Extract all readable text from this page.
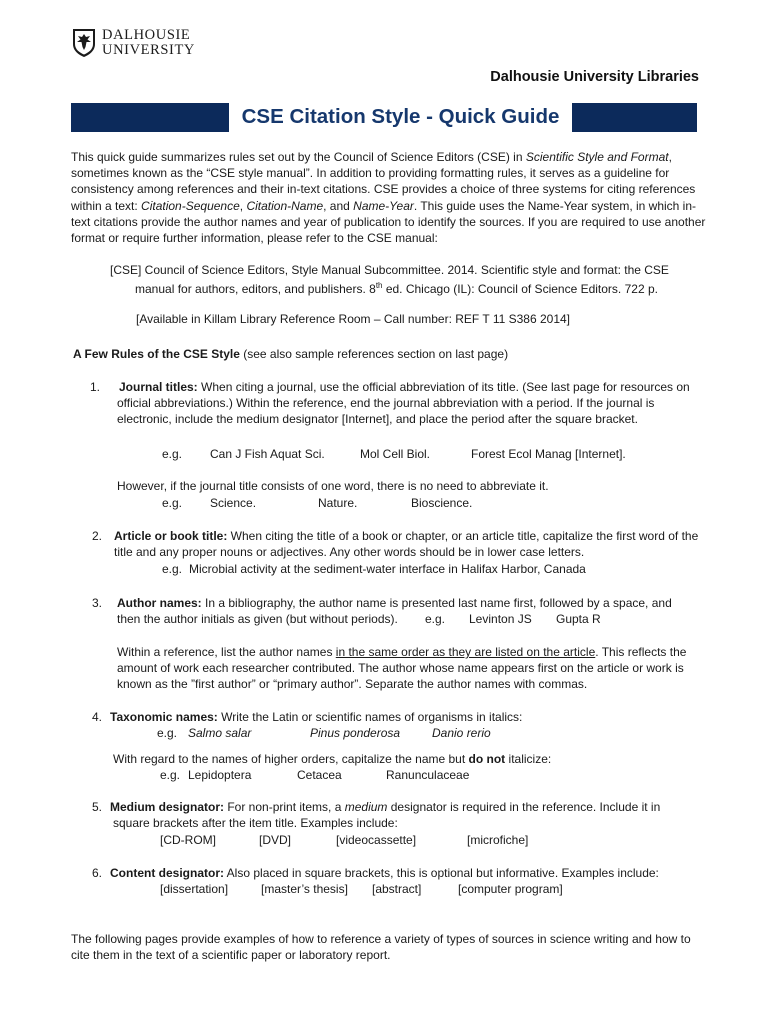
DALHOUSIE
UNIVERSITY
Dalhousie University Libraries
CSE Citation Style - Quick Guide
This quick guide summarizes rules set out by the Council of Science Editors (CSE) in Scientific Style and Format, sometimes known as the “CSE style manual”. In addition to providing formatting rules, it serves as a guideline for consistency among references and their in-text citations. CSE provides a choice of three systems for citing references within a text: Citation-Sequence, Citation-Name, and Name-Year. This guide uses the Name-Year system, in which in-text citations provide the author names and year of publication to identify the sources. If you are required to use another format or require further information, please refer to the CSE manual:
[CSE] Council of Science Editors, Style Manual Subcommittee. 2014. Scientific style and format: the CSE
manual for authors, editors, and publishers. 8th ed. Chicago (IL): Council of Science Editors. 722 p.
[Available in Killam Library Reference Room – Call number: REF T 11 S386 2014]
A Few Rules of the CSE Style (see also sample references section on last page)
1. Journal titles: When citing a journal, use the official abbreviation of its title. (See last page for resources on official abbreviations.) Within the reference, end the journal abbreviation with a period. If the journal is electronic, include the medium designator [Internet], and place the period after the square bracket.
e.g. Can J Fish Aquat Sci.	Mol Cell Biol.	Forest Ecol Manag [Internet].
However, if the journal title consists of one word, there is no need to abbreviate it.
e.g. Science.	Nature.	Bioscience.
2. Article or book title: When citing the title of a book or chapter, or an article title, capitalize the first word of the title and any proper nouns or adjectives. Any other words should be in lower case letters.
e.g. Microbial activity at the sediment-water interface in Halifax Harbor, Canada
3. Author names: In a bibliography, the author name is presented last name first, followed by a space, and
then the author initials as given (but without periods). e.g. Levinton JS Gupta R
Within a reference, list the author names in the same order as they are listed on the article. This reflects the amount of work each researcher contributed. The author whose name appears first on the article or work is known as the ”first author” or “primary author”. Separate the author names with commas.
4. Taxonomic names: Write the Latin or scientific names of organisms in italics:
e.g. Salmo salar	Pinus ponderosa	Danio rerio
With regard to the names of higher orders, capitalize the name but do not italicize:
e.g. Lepidoptera	Cetacea	Ranunculaceae
5. Medium designator: For non-print items, a medium designator is required in the reference. Include it in
square brackets after the item title. Examples include:
[CD-ROM]	[DVD]	[videocassette]	[microfiche]
6. Content designator: Also placed in square brackets, this is optional but informative. Examples include:
[dissertation]	[master’s thesis] [abstract]	[computer program]
The following pages provide examples of how to reference a variety of types of sources in science writing and how to cite them in the text of a scientific paper or laboratory report.
